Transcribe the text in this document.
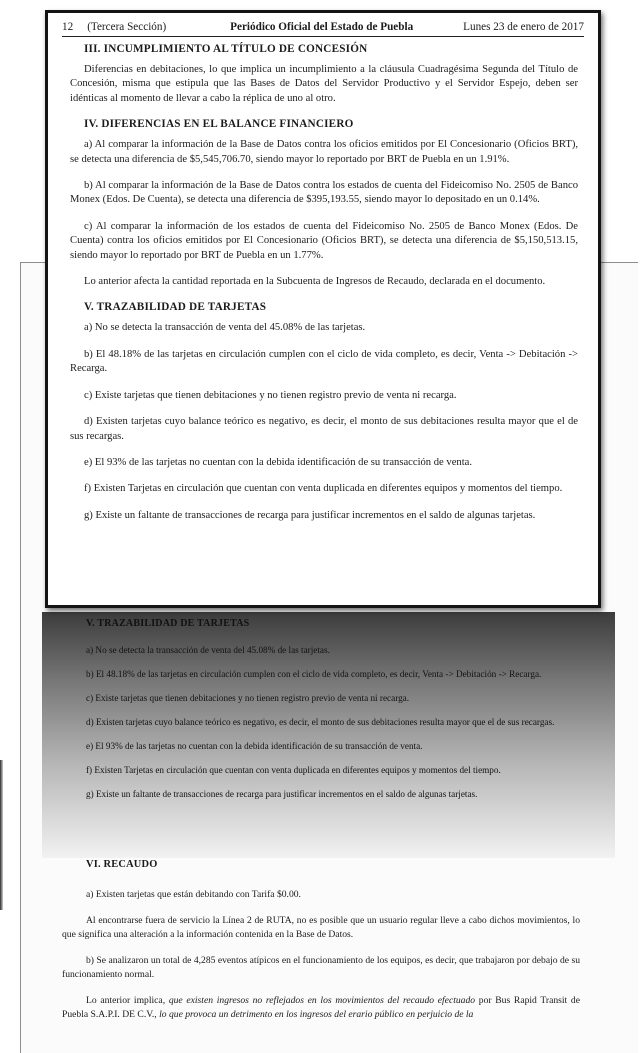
V. TRAZABILIDAD DE TARJETAS

a) No se detecta la transacción de venta del 45.08% de las tarjetas.

b) El 48.18% de las tarjetas en circulación cumplen con el ciclo de vida completo, es decir, Venta -> Debitación -> Recarga.

c) Existe tarjetas que tienen debitaciones y no tienen registro previo de venta ni recarga.

d) Existen tarjetas cuyo balance teórico es negativo, es decir, el monto de sus debitaciones resulta mayor que el de sus recargas.

e) El 93% de las tarjetas no cuentan con la debida identificación de su transacción de venta.

f) Existen Tarjetas en circulación que cuentan con venta duplicada en diferentes equipos y momentos del tiempo.

g) Existe un faltante de transacciones de recarga para justificar incrementos en el saldo de algunas tarjetas.

VI. RECAUDO

a) Existen tarjetas que están debitando con Tarifa $0.00.

Al encontrarse fuera de servicio la Línea 2 de RUTA, no es posible que un usuario regular lleve a cabo dichos movimientos, lo que significa una alteración a la información contenida en la Base de Datos.

b) Se analizaron un total de 4,285 eventos atípicos en el funcionamiento de los equipos, es decir, que trabajaron por debajo de su funcionamiento normal.

Lo anterior implica, que existen ingresos no reflejados en los movimientos del recaudo efectuado por Bus Rapid Transit de Puebla S.A.P.I. DE C.V., lo que provoca un detrimento en los ingresos del erario público en perjuicio de la

12 (Tercera Sección)	Periódico Oficial del Estado de Puebla	Lunes 23 de enero de 2017
III. INCUMPLIMIENTO AL TÍTULO DE CONCESIÓN

Diferencias en debitaciones, lo que implica un incumplimiento a la cláusula Cuadragésima Segunda del Título de Concesión, misma que estipula que las Bases de Datos del Servidor Productivo y el Servidor Espejo, deben ser idénticas al momento de llevar a cabo la réplica de uno al otro.

IV. DIFERENCIAS EN EL BALANCE FINANCIERO

a) Al comparar la información de la Base de Datos contra los oficios emitidos por El Concesionario (Oficios BRT), se detecta una diferencia de $5,545,706.70, siendo mayor lo reportado por BRT de Puebla en un 1.91%.

b) Al comparar la información de la Base de Datos contra los estados de cuenta del Fideicomiso No. 2505 de Banco Monex (Edos. De Cuenta), se detecta una diferencia de $395,193.55, siendo mayor lo depositado en un 0.14%.

c) Al comparar la información de los estados de cuenta del Fideicomiso No. 2505 de Banco Monex (Edos. De Cuenta) contra los oficios emitidos por El Concesionario (Oficios BRT), se detecta una diferencia de $5,150,513.15, siendo mayor lo reportado por BRT de Puebla en un 1.77%.

Lo anterior afecta la cantidad reportada en la Subcuenta de Ingresos de Recaudo, declarada en el documento.

V. TRAZABILIDAD DE TARJETAS

a) No se detecta la transacción de venta del 45.08% de las tarjetas.

b) El 48.18% de las tarjetas en circulación cumplen con el ciclo de vida completo, es decir, Venta -> Debitación -> Recarga.

c) Existe tarjetas que tienen debitaciones y no tienen registro previo de venta ni recarga.

d) Existen tarjetas cuyo balance teórico es negativo, es decir, el monto de sus debitaciones resulta mayor que el de sus recargas.

e) El 93% de las tarjetas no cuentan con la debida identificación de su transacción de venta.

f) Existen Tarjetas en circulación que cuentan con venta duplicada en diferentes equipos y momentos del tiempo.

g) Existe un faltante de transacciones de recarga para justificar incrementos en el saldo de algunas tarjetas.
